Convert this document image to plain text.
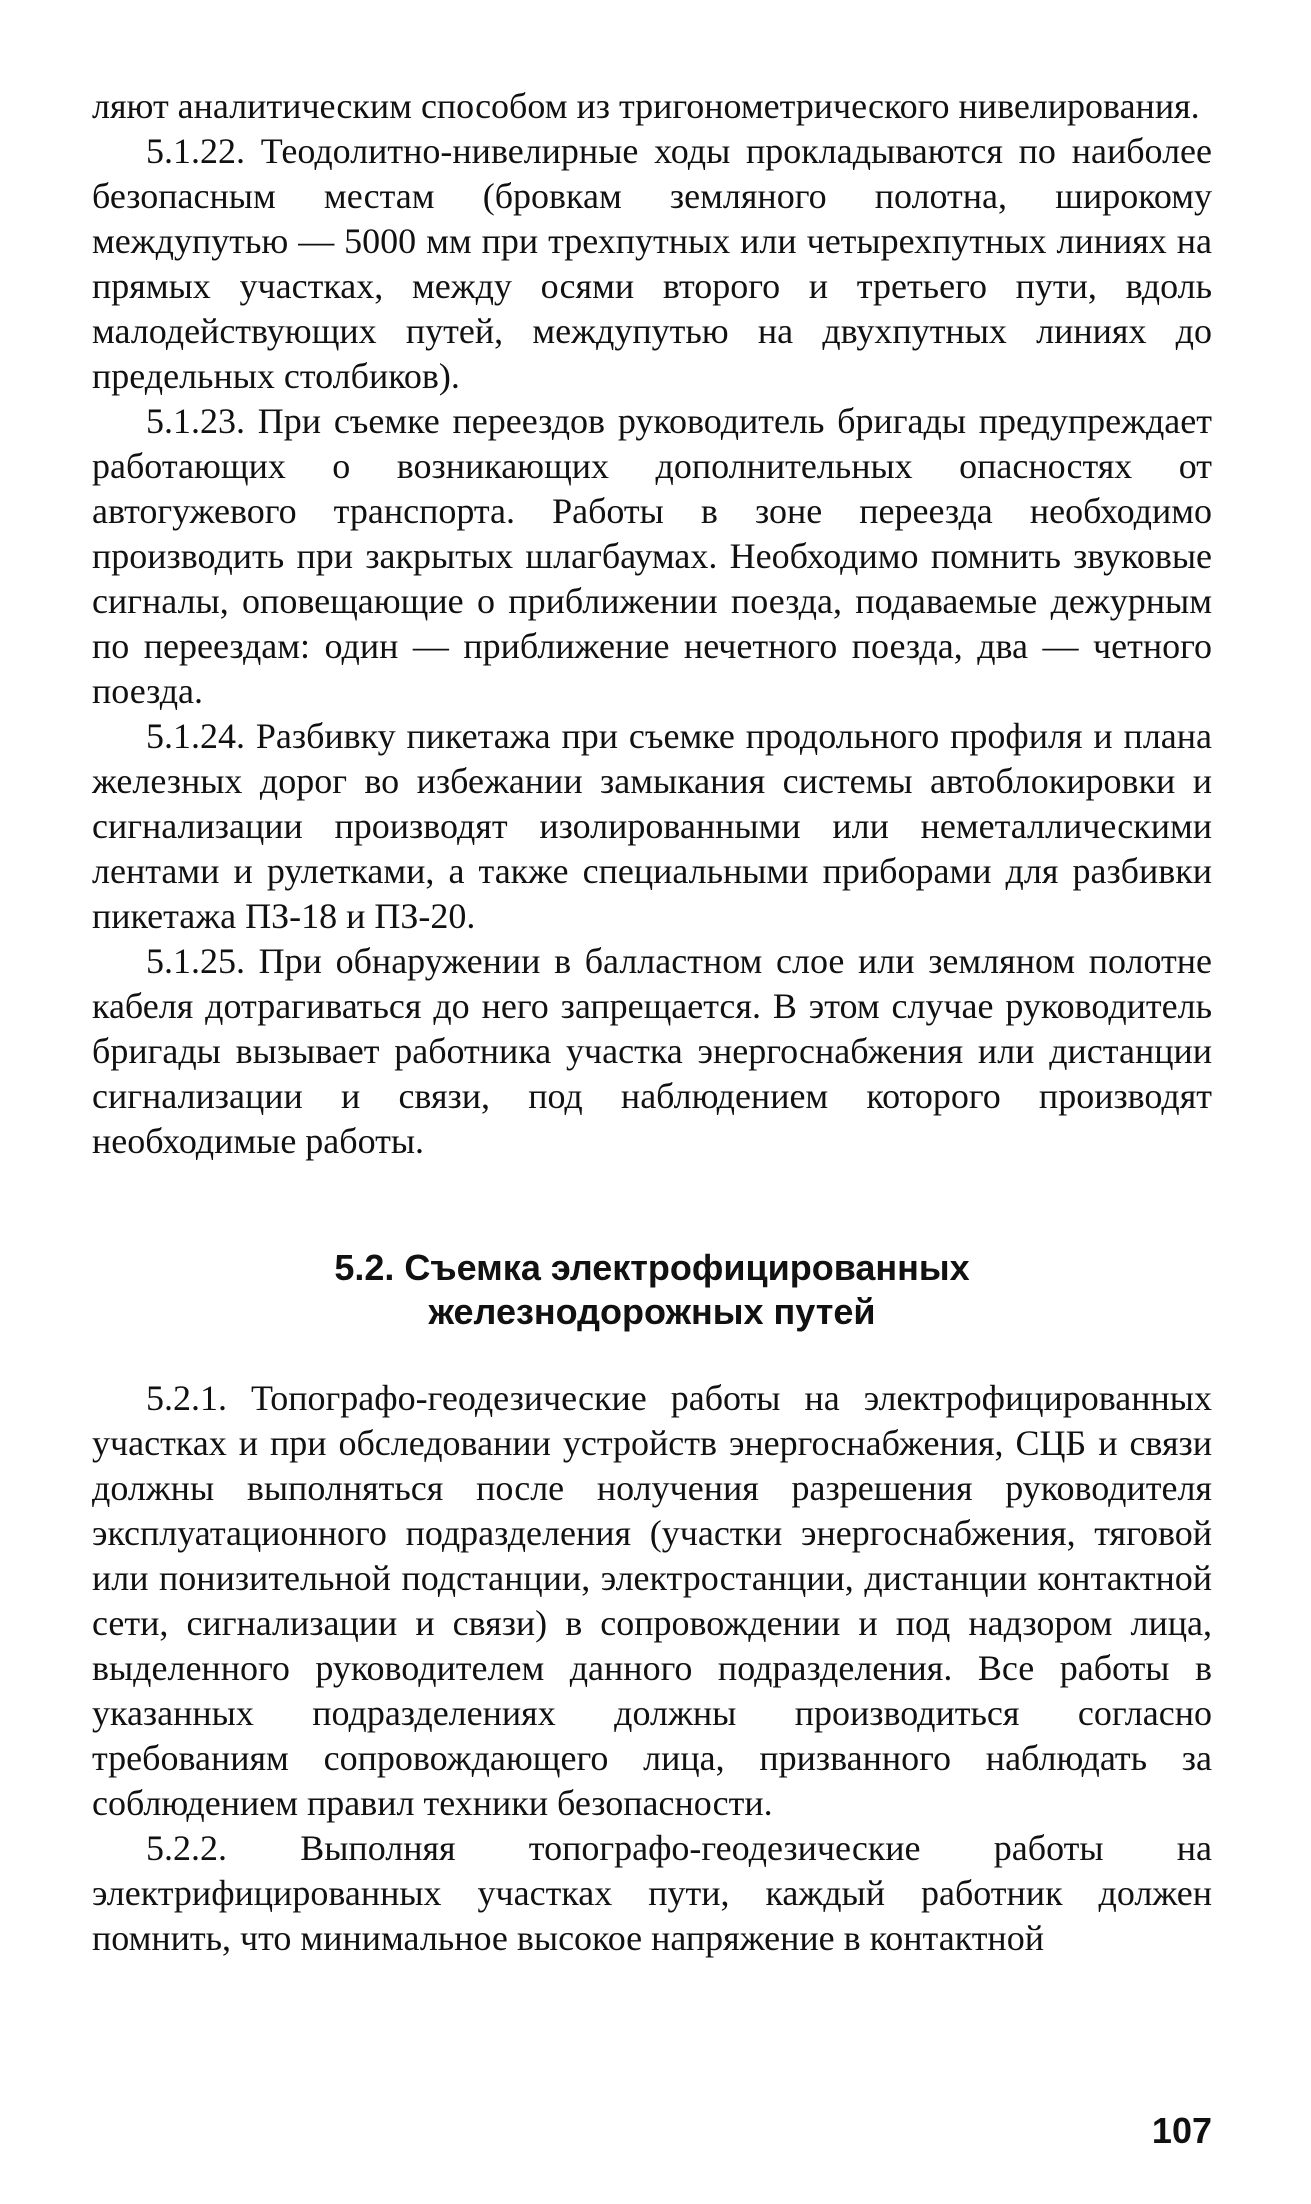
ляют аналитическим способом из тригонометрического нивелирования.

5.1.22. Теодолитно-нивелирные ходы прокладываются по наиболее безопасным местам (бровкам земляного полотна, широкому междупутью — 5000 мм при трехпутных или четырехпутных линиях на прямых участках, между осями второго и третьего пути, вдоль малодействующих путей, междупутью на двухпутных линиях до предельных столбиков).

5.1.23. При съемке переездов руководитель бригады предупреждает работающих о возникающих дополнительных опасностях от автогужевого транспорта. Работы в зоне переезда необходимо производить при закрытых шлагбаумах. Необходимо помнить звуковые сигналы, оповещающие о приближении поезда, подаваемые дежурным по переездам: один — приближение нечетного поезда, два — четного поезда.

5.1.24. Разбивку пикетажа при съемке продольного профиля и плана железных дорог во избежании замыкания системы автоблокировки и сигнализации производят изолированными или неметаллическими лентами и рулетками, а также специальными приборами для разбивки пикетажа ПЗ-18 и ПЗ-20.

5.1.25. При обнаружении в балластном слое или земляном полотне кабеля дотрагиваться до него запрещается. В этом случае руководитель бригады вызывает работника участка энергоснабжения или дистанции сигнализации и связи, под наблюдением которого производят необходимые работы.

5.2. Съемка электрофицированных
железнодорожных путей

5.2.1. Топографо-геодезические работы на электрофицированных участках и при обследовании устройств энергоснабжения, СЦБ и связи должны выполняться после нолучения разрешения руководителя эксплуатационного подразделения (участки энергоснабжения, тяговой или понизительной подстанции, электростанции, дистанции контактной сети, сигнализации и связи) в сопровождении и под надзором лица, выделенного руководителем данного подразделения. Все работы в указанных подразделениях должны производиться согласно требованиям сопровождающего лица, призванного наблюдать за соблюдением правил техники безопасности.

5.2.2. Выполняя топографо-геодезические работы на электрифицированных участках пути, каждый работник должен помнить, что минимальное высокое напряжение в контактной

107
